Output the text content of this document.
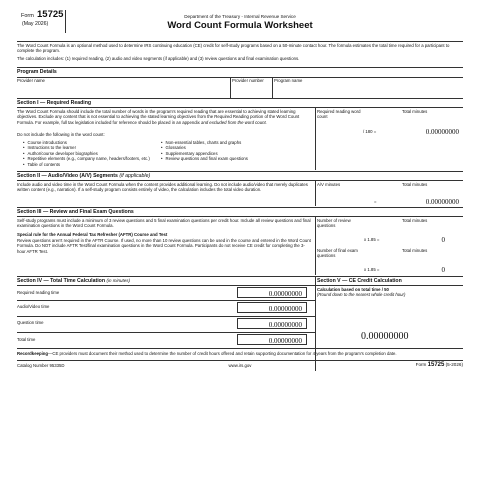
Form 15725
(May 2026)
Department of the Treasury - Internal Revenue Service
Word Count Formula Worksheet
The Word Count Formula is an optional method used to determine IRS continuing education (CE) credit for self-study programs based on a 50-minute contact hour. The formula estimates the total time required for a participant to complete the program.
The calculation includes: (1) required reading, (2) audio and video segments (if applicable) and (3) review questions and final examination questions.
Program Details
Provider name	Provider number Program name
Section I — Required Reading
The Word Count Formula should include the total number of words in the program's required reading that are essential to achieving stated learning objectives. Exclude any content that is not essential to achieving the stated learning objectives from the Required Reading portion of the Word Count Formula. For example, full tax legislation included for reference should be placed in an appendix and excluded from the word count.
Do not include the following in the word count:
• Course introductions
• Instructions to the learner
• Author/course developer biographies
• Repetitive elements (e.g., company name, headers/footers, etc.)
• Table of contents
• Non-essential tables, charts and graphs
• Glossaries
• Supplementary appendices
• Review questions and final exam questions
Required reading word count
Total minutes
/ 180 =	0.00000000
Section II — Audio/Video (A/V) Segments (if applicable)
Include audio and video time in the Word Count Formula when the content provides additional learning. Do not include audio/video that merely duplicates written content (e.g., narration). If a self-study program consists entirely of video, the calculation includes the total video duration.
A/V minutes	Total minutes
=	0.00000000
Section III — Review and Final Exam Questions
Self-study programs must include a minimum of 3 review questions and 5 final examination questions per credit hour. Include all review questions and final examination questions in the Word Count Formula.
Special rule for the Annual Federal Tax Refresher (AFTR) Course and Test
Review questions aren't required in the AFTR Course. If used, no more than 10 review questions can be used in the course and entered in the Word Count Formula. Do NOT include AFTR Test/final examination questions in the Word Count Formula. Participants do not receive CE credit for completing the 3-hour AFTR Test.
Number of review questions
Total minutes
x 1.85 =	0
Number of final exam questions
Total minutes
x 1.85 =	0
Section IV — Total Time Calculation (in minutes)	Section V — CE Credit Calculation
Required reading time	0.00000000
Audio/Video time	0.00000000
Question time	0.00000000
Total time	0.00000000
Calculation based on total time / 50
(Round down to the nearest whole credit hour)
0.00000000
Recordkeeping—CE providers must document their method used to determine the number of credit hours offered and retain supporting documentation for 4 years from the program's completion date.
Catalog Number 95335D	www.irs.gov	Form 15725 (5-2026)
